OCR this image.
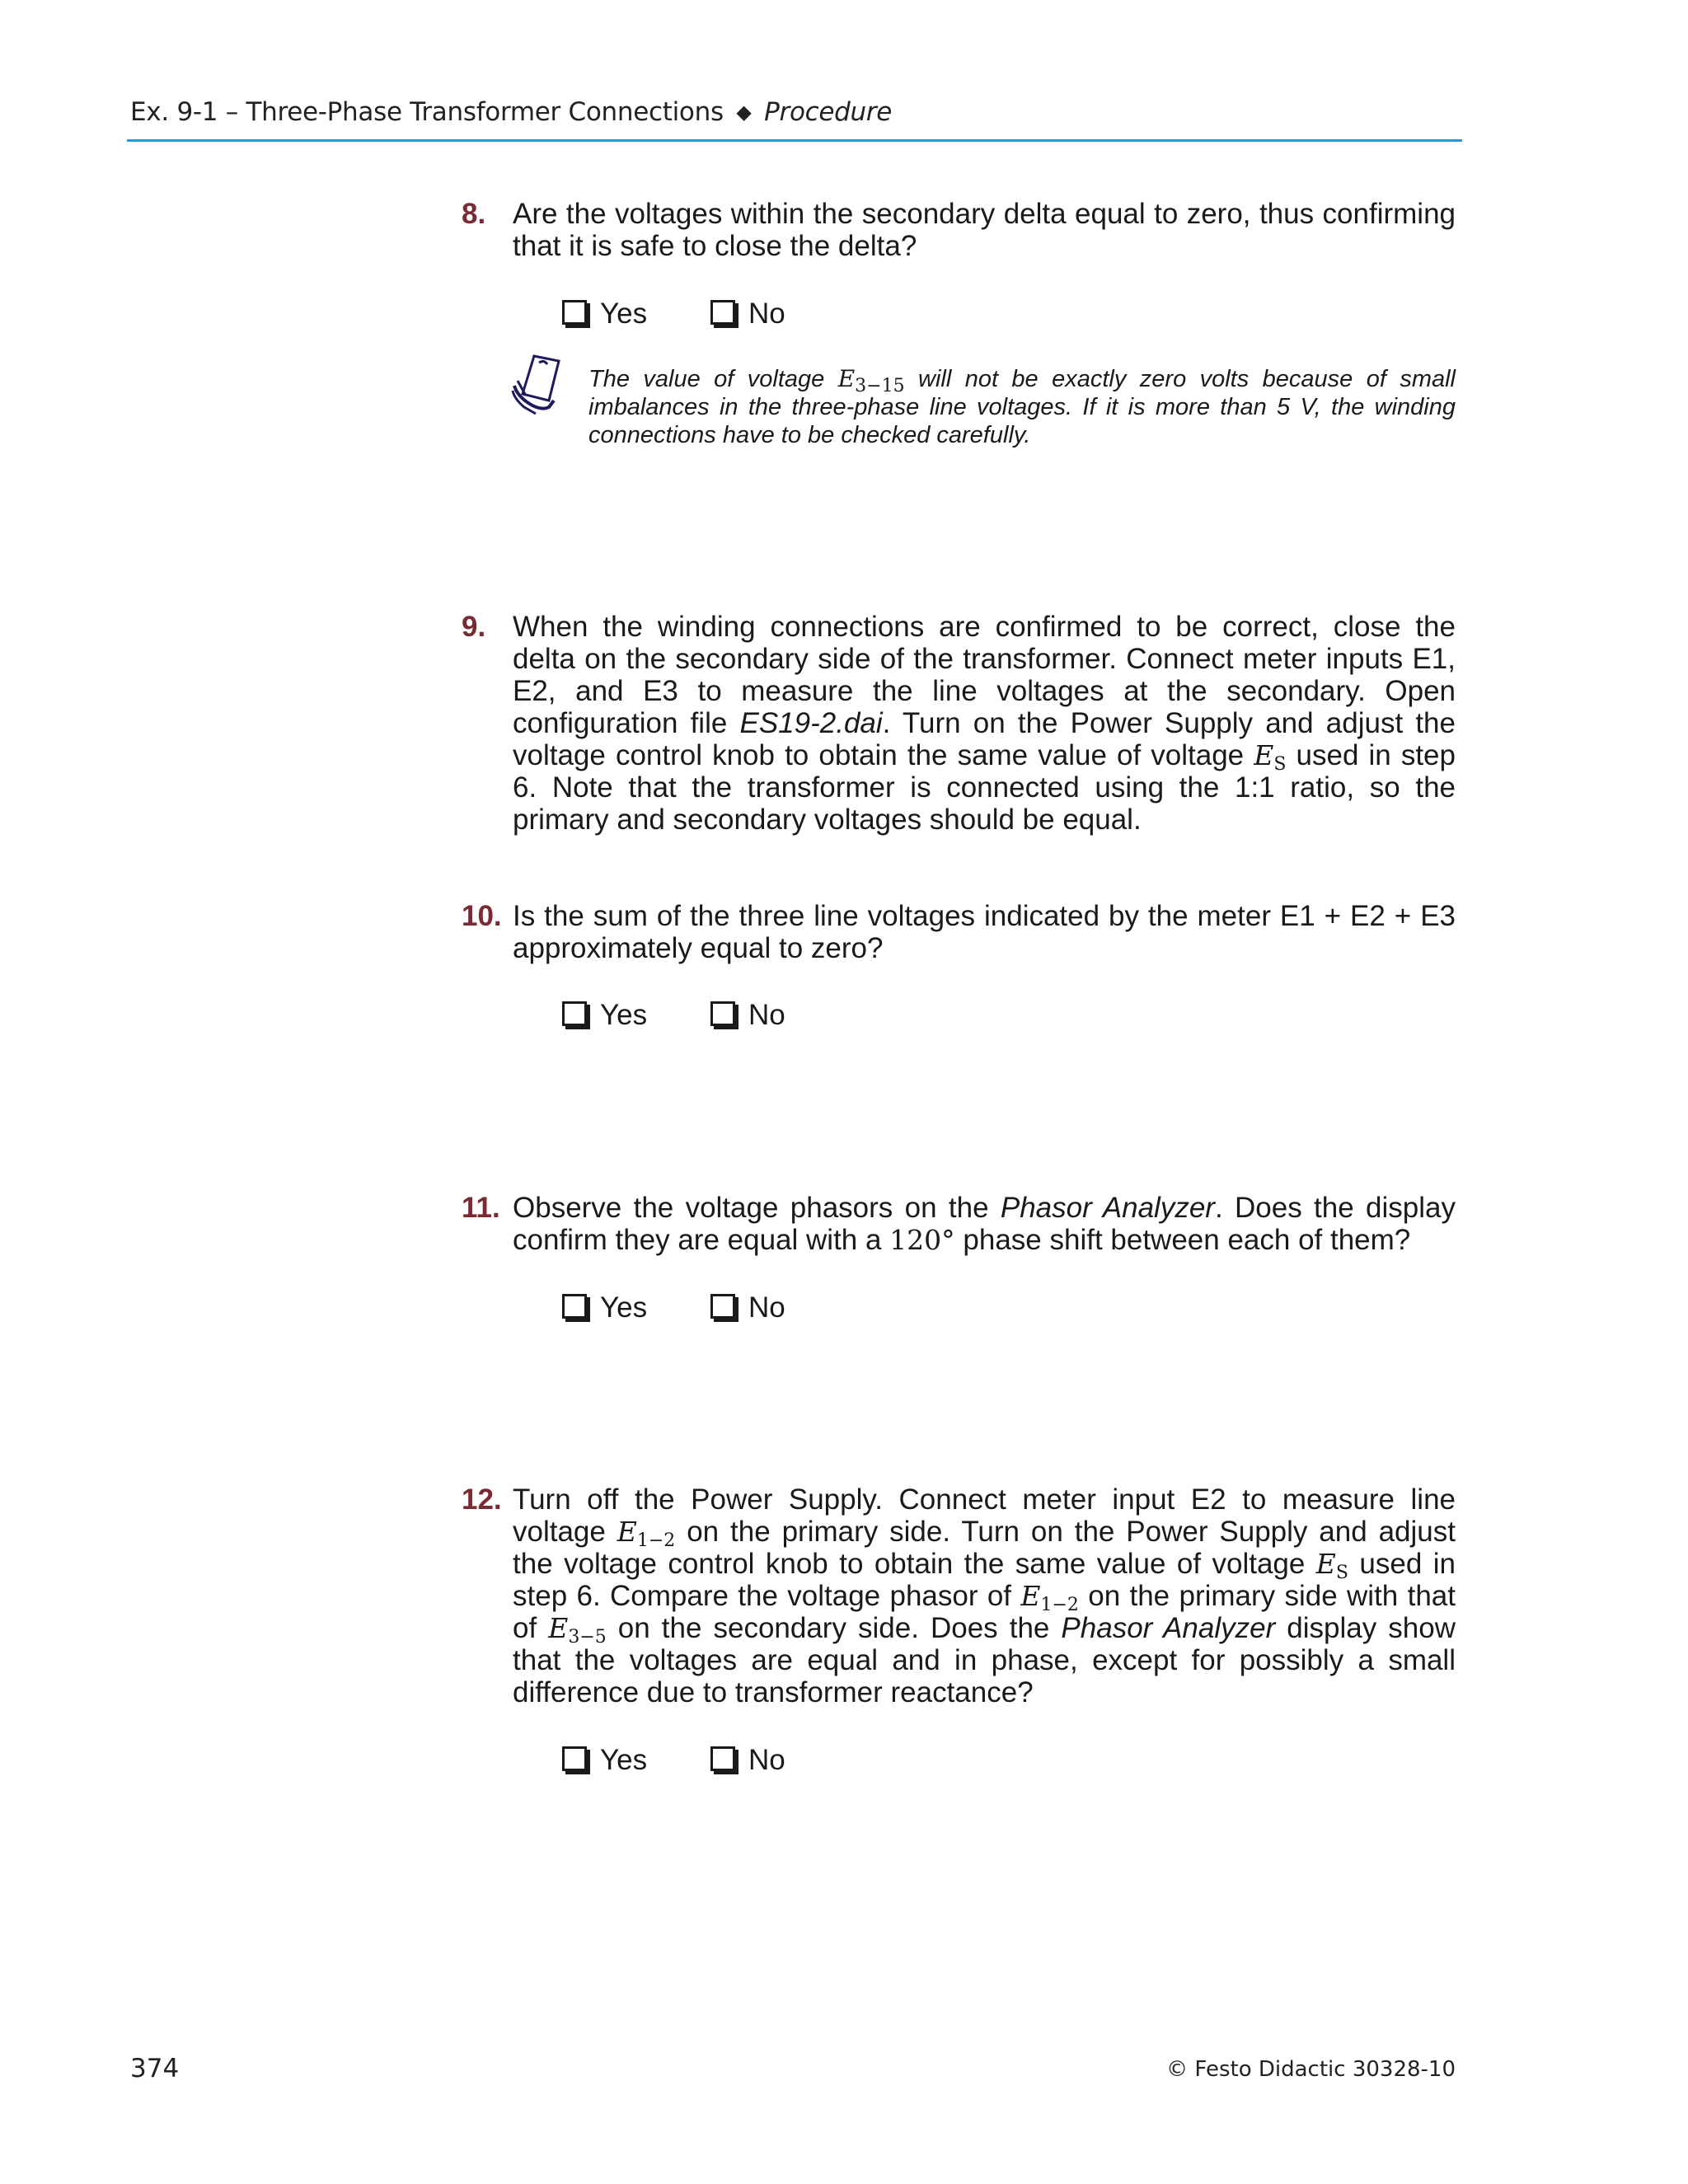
Ex. 9-1 – Three-Phase Transformer Connections ◆ Procedure
8. Are the voltages within the secondary delta equal to zero, thus confirming that it is safe to close the delta?
Yes	No
The value of voltage $E_{3-15}$ will not be exactly zero volts because of small imbalances in the three-phase line voltages. If it is more than 5 V, the winding connections have to be checked carefully.
9. When the winding connections are confirmed to be correct, close the delta on the secondary side of the transformer. Connect meter inputs E1, E2, and E3 to measure the line voltages at the secondary. Open configuration file ES19-2.dai. Turn on the Power Supply and adjust the voltage control knob to obtain the same value of voltage $E_S$ used in step 6. Note that the transformer is connected using the 1:1 ratio, so the primary and secondary voltages should be equal.
10. Is the sum of the three line voltages indicated by the meter E1 + E2 + E3 approximately equal to zero?
Yes	No
11. Observe the voltage phasors on the Phasor Analyzer. Does the display confirm they are equal with a 120° phase shift between each of them?
Yes	No
12. Turn off the Power Supply. Connect meter input E2 to measure line voltage $E_{1-2}$ on the primary side. Turn on the Power Supply and adjust the voltage control knob to obtain the same value of voltage $E_S$ used in step 6. Compare the voltage phasor of $E_{1-2}$ on the primary side with that of $E_{3-5}$ on the secondary side. Does the Phasor Analyzer display show that the voltages are equal and in phase, except for possibly a small difference due to transformer reactance?
Yes	No
374	© Festo Didactic 30328-10
